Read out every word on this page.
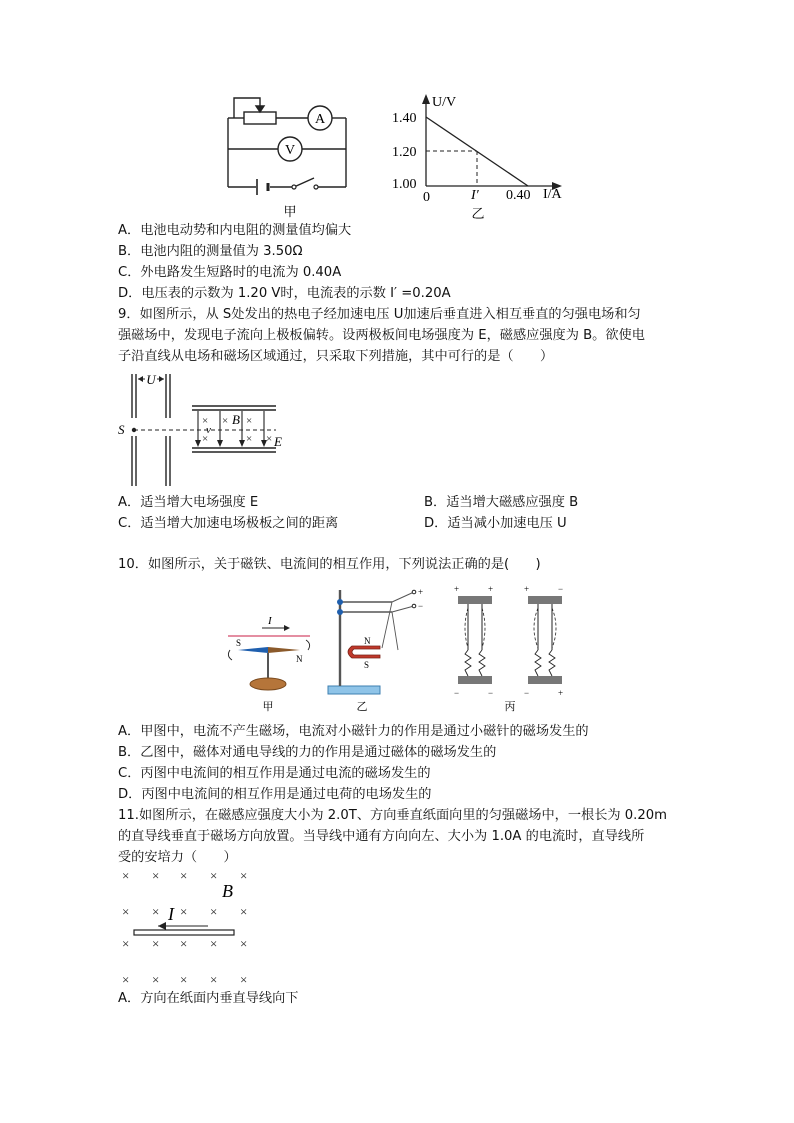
A
V
甲
U/V
I/A
1.40
1.20
1.00
0	I′ 0.40
乙
A．电池电动势和内电阻的测量值均偏大
B．电池内阻的测量值为 3.50Ω
C．外电路发生短路时的电流为 0.40A
D．电压表的示数为 1.20 V时，电流表的示数 I′ =0.20A
9．如图所示，从 S处发出的热电子经加速电压 U加速后垂直进入相互垂直的匀强电场和匀
强磁场中，发现电子流向上极板偏转。设两极板间电场强度为 E，磁感应强度为 B。欲使电
子沿直线从电场和磁场区域通过，只采取下列措施，其中可行的是（　　）
U
S
× × ×
×	× ×
B
v
E
A．适当增大电场强度 E	B．适当增大磁感应强度 B
C．适当增大加速电场极板之间的距离	D．适当减小加速电压 U
10．如图所示，关于磁铁、电流间的相互作用，下列说法正确的是(　　)
I
S
N
甲
+
−
N
S
乙
+	+
−	−
+	−
−	+
丙
A．甲图中，电流不产生磁场，电流对小磁针力的作用是通过小磁针的磁场发生的
B．乙图中，磁体对通电导线的力的作用是通过磁体的磁场发生的
C．丙图中电流间的相互作用是通过电流的磁场发生的
D．丙图中电流间的相互作用是通过电荷的电场发生的
11.如图所示，在磁感应强度大小为 2.0T、方向垂直纸面向里的匀强磁场中，一根长为 0.20m
的直导线垂直于磁场方向放置。当导线中通有方向向左、大小为 1.0A 的电流时，直导线所
受的安培力（　　）
× × × × ×
× × × × ×
× × × × ×
× × × × ×
B
I
A．方向在纸面内垂直导线向下
